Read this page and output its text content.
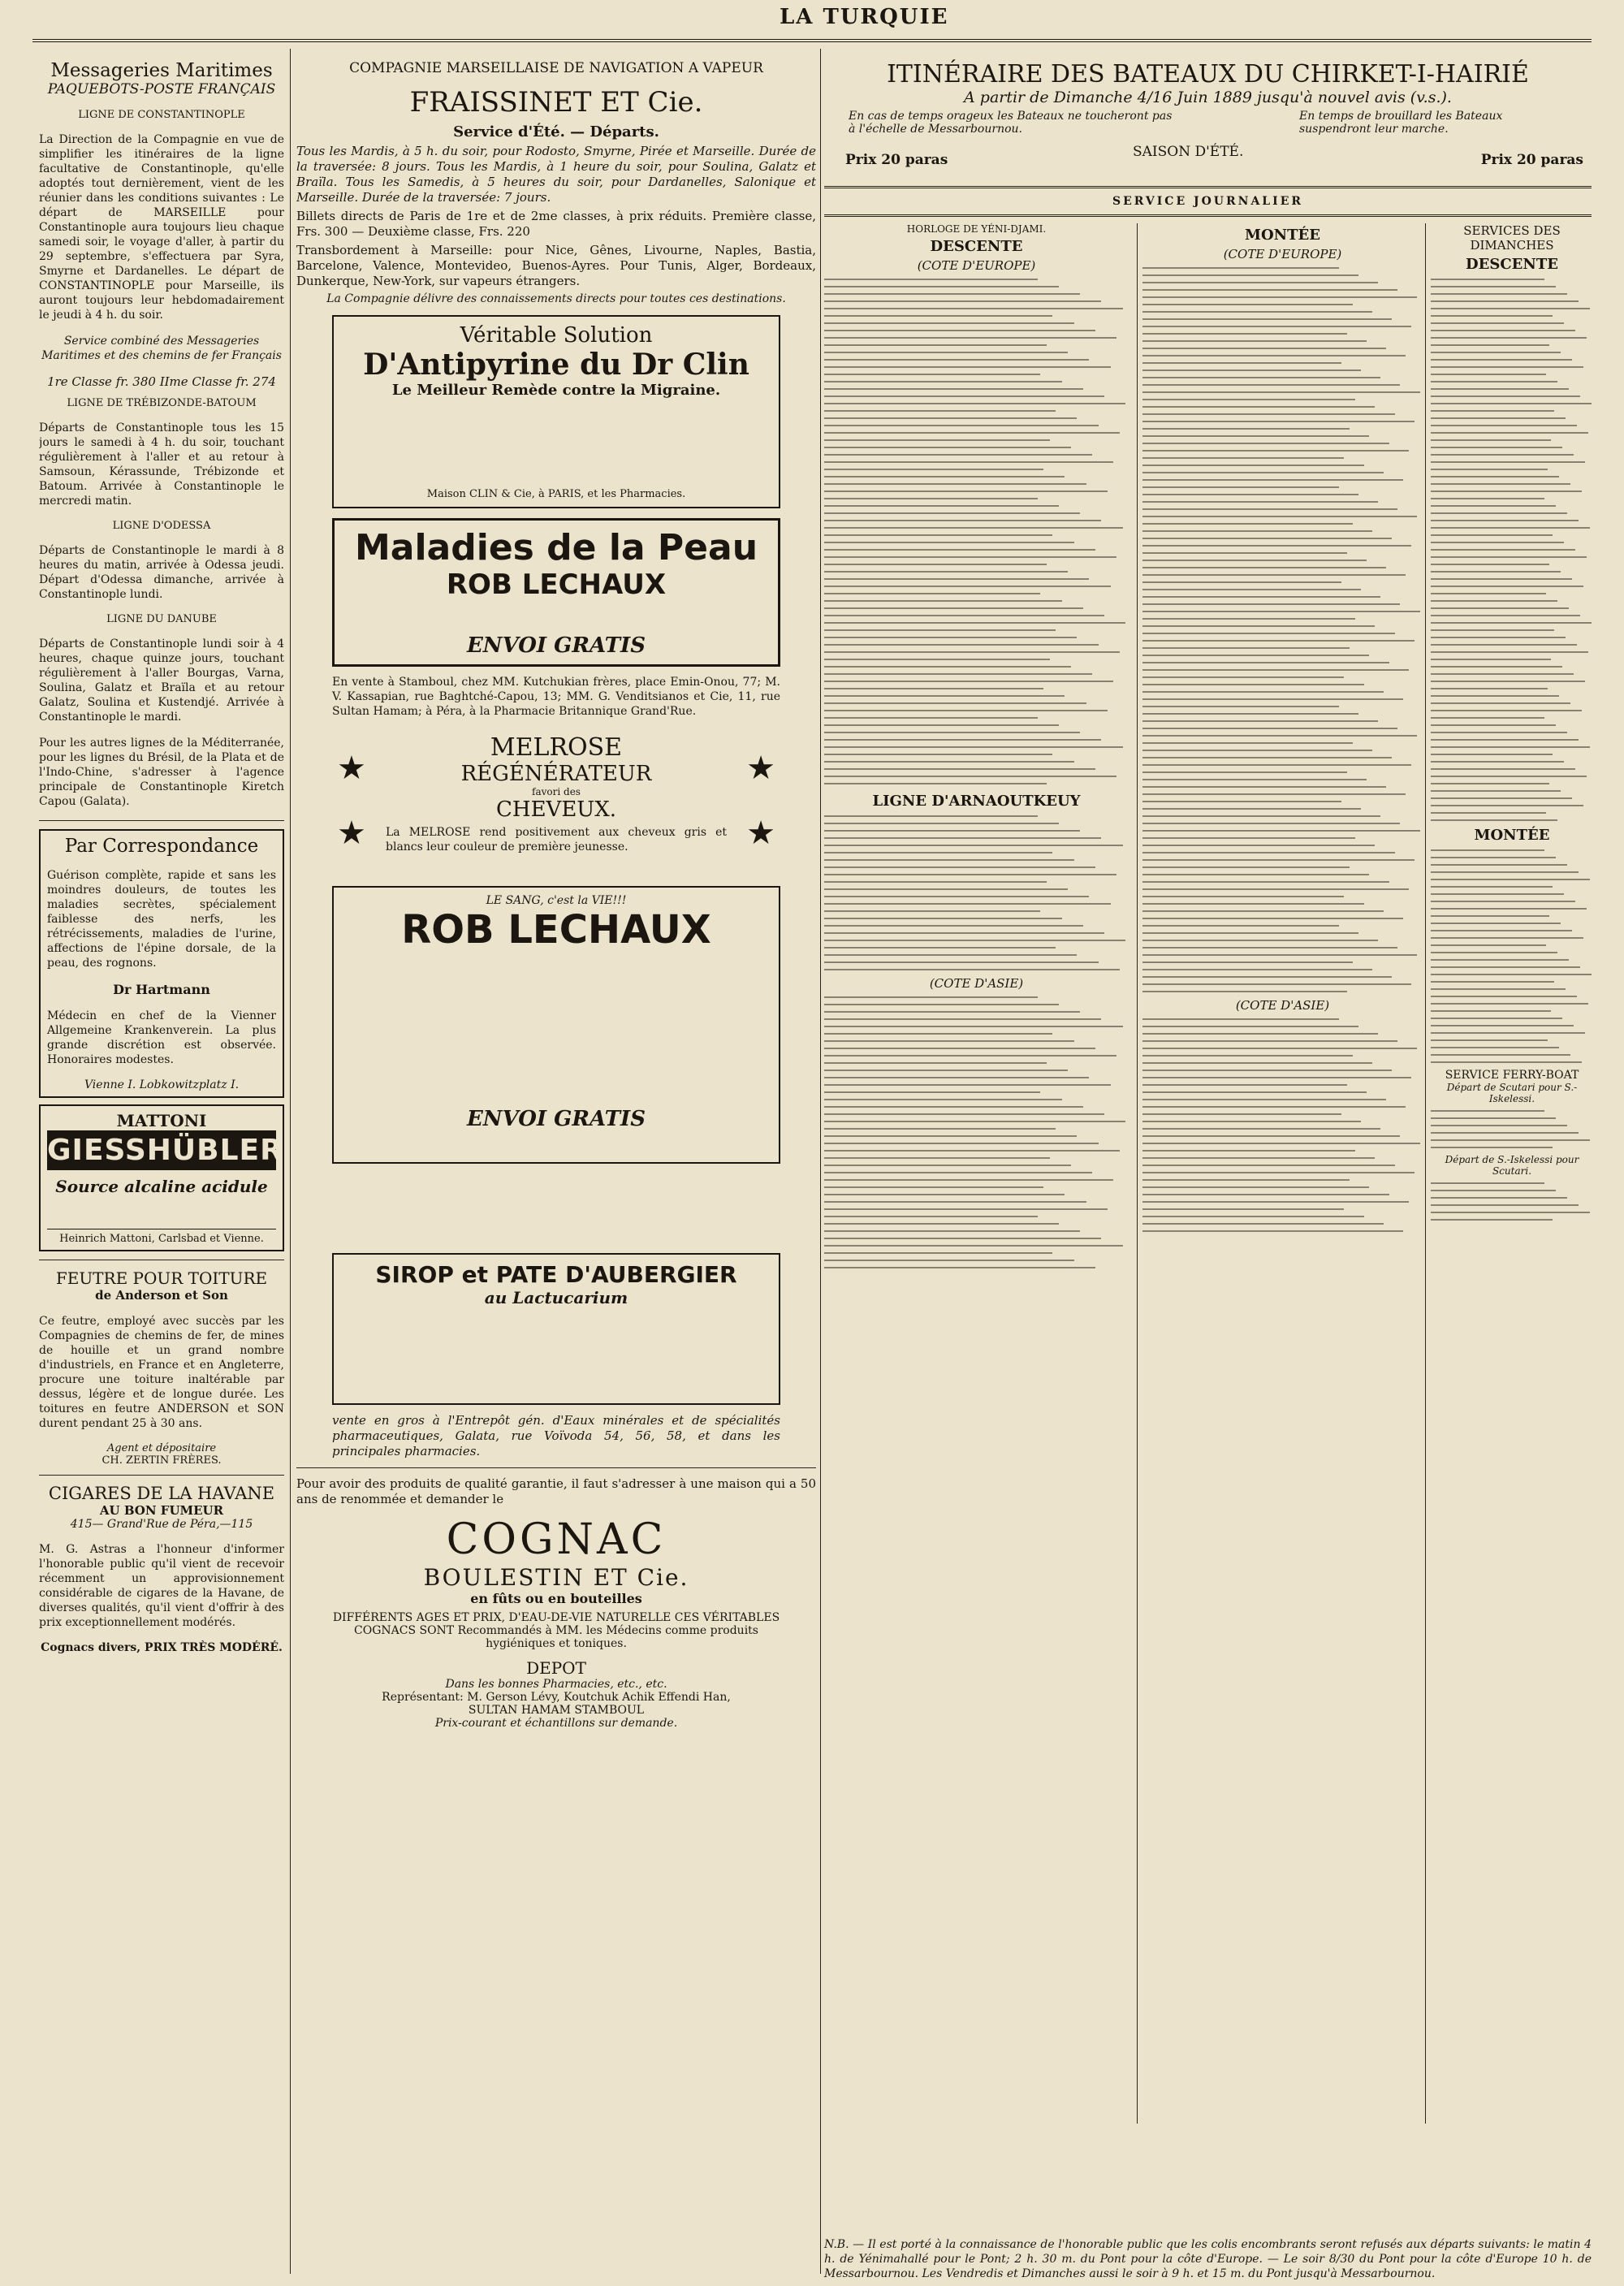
LA TURQUIE

Messageries Maritimes

PAQUEBOTS-POSTE FRANÇAIS

LIGNE DE CONSTANTINOPLE

La Direction de la Compagnie en vue de simplifier les itinéraires de la ligne facultative de Constantinople, qu'elle adoptés tout dernièrement, vient de les réunier dans les conditions suivantes : Le départ de MARSEILLE pour Constantinople aura toujours lieu chaque samedi soir, le voyage d'aller, à partir du 29 septembre, s'effectuera par Syra, Smyrne et Dardanelles. Le départ de CONSTANTINOPLE pour Marseille, ils auront toujours leur hebdomadairement le jeudi à 4 h. du soir.

Service combiné des Messageries Maritimes et des chemins de fer Français

1re Classe fr. 380 IIme Classe fr. 274

LIGNE DE TRÉBIZONDE-BATOUM

Départs de Constantinople tous les 15 jours le samedi à 4 h. du soir, touchant régulièrement à l'aller et au retour à Samsoun, Kérassunde, Trébizonde et Batoum. Arrivée à Constantinople le mercredi matin.

LIGNE D'ODESSA

Départs de Constantinople le mardi à 8 heures du matin, arrivée à Odessa jeudi. Départ d'Odessa dimanche, arrivée à Constantinople lundi.

LIGNE DU DANUBE

Départs de Constantinople lundi soir à 4 heures, chaque quinze jours, touchant régulièrement à l'aller Bourgas, Varna, Soulina, Galatz et Braïla et au retour Galatz, Soulina et Kustendjé. Arrivée à Constantinople le mardi.

Pour les autres lignes de la Méditerranée, pour les lignes du Brésil, de la Plata et de l'Indo-Chine, s'adresser à l'agence principale de Constantinople Kiretch Capou (Galata).

Par Correspondance

Guérison complète, rapide et sans les moindres douleurs, de toutes les maladies secrètes, spécialement faiblesse des nerfs, les rétrécissements, maladies de l'urine, affections de l'épine dorsale, de la peau, des rognons.

Dr Hartmann

Médecin en chef de la Vienner Allgemeine Krankenverein. La plus grande discrétion est observée. Honoraires modestes.

Vienne I. Lobkowitzplatz I.

MATTONI

GIESSHÜBLER

Source alcaline acidule

Heinrich Mattoni, Carlsbad et Vienne.

FEUTRE POUR TOITURE

de Anderson et Son

Ce feutre, employé avec succès par les Compagnies de chemins de fer, de mines de houille et un grand nombre d'industriels, en France et en Angleterre, procure une toiture inaltérable par dessus, légère et de longue durée. Les toitures en feutre ANDERSON et SON durent pendant 25 à 30 ans.

Agent et dépositaire

CH. ZERTIN FRÈRES.

CIGARES DE LA HAVANE

AU BON FUMEUR

415— Grand'Rue de Péra,—115

M. G. Astras a l'honneur d'informer l'honorable public qu'il vient de recevoir récemment un approvisionnement considérable de cigares de la Havane, de diverses qualités, qu'il vient d'offrir à des prix exceptionnellement modérés.

Cognacs divers, PRIX TRÈS MODÉRÉ.

COMPAGNIE MARSEILLAISE DE NAVIGATION A VAPEUR

FRAISSINET ET Cie.

Service d'Été. — Départs.

Tous les Mardis, à 5 h. du soir, pour Rodosto, Smyrne, Pirée et Marseille. Durée de la traversée: 8 jours. Tous les Mardis, à 1 heure du soir, pour Soulina, Galatz et Braïla. Tous les Samedis, à 5 heures du soir, pour Dardanelles, Salonique et Marseille. Durée de la traversée: 7 jours.

Billets directs de Paris de 1re et de 2me classes, à prix réduits. Première classe, Frs. 300 — Deuxième classe, Frs. 220

Transbordement à Marseille: pour Nice, Gênes, Livourne, Naples, Bastia, Barcelone, Valence, Montevideo, Buenos-Ayres. Pour Tunis, Alger, Bordeaux, Dunkerque, New-York, sur vapeurs étrangers.

La Compagnie délivre des connaissements directs pour toutes ces destinations.

Véritable Solution

D'Antipyrine du Dr Clin

Le Meilleur Remède contre la Migraine.

Maison CLIN & Cie, à PARIS, et les Pharmacies.

Maladies de la Peau

ROB LECHAUX

ENVOI GRATIS

En vente à Stamboul, chez MM. Kutchukian frères, place Emin-Onou, 77; M. V. Kassapian, rue Baghtché-Capou, 13; MM. G. Venditsianos et Cie, 11, rue Sultan Hamam; à Péra, à la Pharmacie Britannique Grand'Rue.

★	★
★	★

MELROSE

RÉGÉNÉRATEUR

favori des

CHEVEUX.

La MELROSE rend positivement aux cheveux gris et blancs leur couleur de première jeunesse.

LE SANG, c'est la VIE!!!

ROB LECHAUX

ENVOI GRATIS

SIROP et PATE D'AUBERGIER

au Lactucarium

vente en gros à l'Entrepôt gén. d'Eaux minérales et de spécialités pharmaceutiques, Galata, rue Voïvoda 54, 56, 58, et dans les principales pharmacies.

Pour avoir des produits de qualité garantie, il faut s'adresser à une maison qui a 50 ans de renommée et demander le

COGNAC

BOULESTIN ET Cie.

en fûts ou en bouteilles

DIFFÉRENTS AGES ET PRIX, D'EAU-DE-VIE NATURELLE CES VÉRITABLES COGNACS SONT Recommandés à MM. les Médecins comme produits hygiéniques et toniques.

DEPOT

Dans les bonnes Pharmacies, etc., etc.

Représentant: M. Gerson Lévy, Koutchuk Achik Effendi Han,

SULTAN HAMAM STAMBOUL

Prix-courant et échantillons sur demande.

ITINÉRAIRE DES BATEAUX DU CHIRKET-I-HAIRIÉ

A partir de Dimanche 4/16 Juin 1889 jusqu'à nouvel avis (v.s.).

En cas de temps orageux les Bateaux ne toucheront pas à l'échelle de Messarbournou.

En temps de brouillard les Bateaux suspendront leur marche.

Prix 20 paras	SAISON D'ÉTÉ.	Prix 20 paras

SERVICE JOURNALIER

HORLOGE DE YÉNI-DJAMI.

DESCENTE

(COTE D'EUROPE)

LIGNE D'ARNAOUTKEUY

(COTE D'ASIE)

MONTÉE

(COTE D'EUROPE)

(COTE D'ASIE)

SERVICES DES DIMANCHES

DESCENTE

MONTÉE

SERVICE FERRY-BOAT

Départ de Scutari pour S.-Iskelessi.

Départ de S.-Iskelessi pour Scutari.

N.B. — Il est porté à la connaissance de l'honorable public que les colis encombrants seront refusés aux départs suivants: le matin 4 h. de Yénimahallé pour le Pont; 2 h. 30 m. du Pont pour la côte d'Europe. — Le soir 8/30 du Pont pour la côte d'Europe 10 h. de Messarbournou. Les Vendredis et Dimanches aussi le soir à 9 h. et 15 m. du Pont jusqu'à Messarbournou.
